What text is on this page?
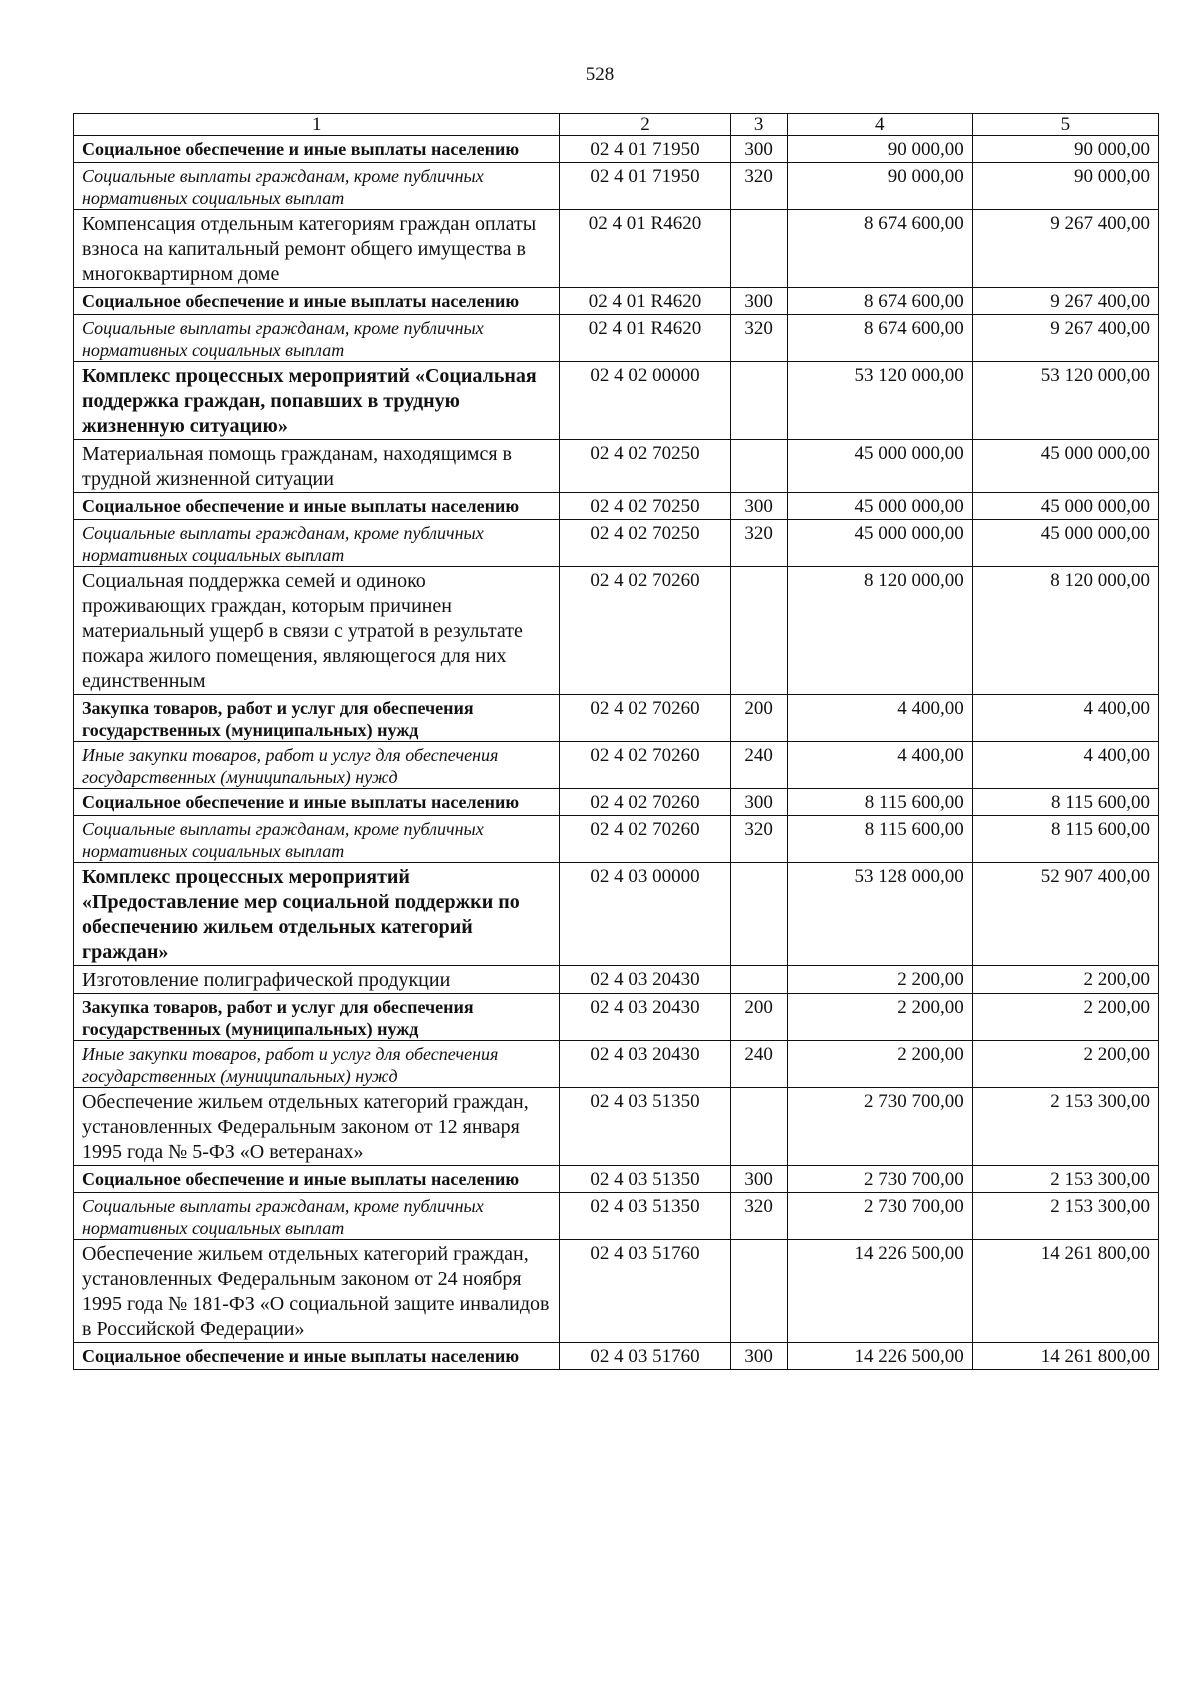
528
1	2	3	4	5
Социальное обеспечение и иные выплаты населению	02 4 01 71950	300	90 000,00	90 000,00
Социальные выплаты гражданам, кроме публичных нормативных социальных выплат	02 4 01 71950	320	90 000,00	90 000,00
Компенсация отдельным категориям граждан оплаты взноса на капитальный ремонт общего имущества в многоквартирном доме	02 4 01 R4620		8 674 600,00	9 267 400,00
Социальное обеспечение и иные выплаты населению	02 4 01 R4620	300	8 674 600,00	9 267 400,00
Социальные выплаты гражданам, кроме публичных нормативных социальных выплат	02 4 01 R4620	320	8 674 600,00	9 267 400,00
Комплекс процессных мероприятий «Социальная поддержка граждан, попавших в трудную жизненную ситуацию»	02 4 02 00000		53 120 000,00	53 120 000,00
Материальная помощь гражданам, находящимся в трудной жизненной ситуации	02 4 02 70250		45 000 000,00	45 000 000,00
Социальное обеспечение и иные выплаты населению	02 4 02 70250	300	45 000 000,00	45 000 000,00
Социальные выплаты гражданам, кроме публичных нормативных социальных выплат	02 4 02 70250	320	45 000 000,00	45 000 000,00
Социальная поддержка семей и одиноко проживающих граждан, которым причинен материальный ущерб в связи с утратой в результате пожара жилого помещения, являющегося для них единственным	02 4 02 70260		8 120 000,00	8 120 000,00
Закупка товаров, работ и услуг для обеспечения государственных (муниципальных) нужд	02 4 02 70260	200	4 400,00	4 400,00
Иные закупки товаров, работ и услуг для обеспечения государственных (муниципальных) нужд	02 4 02 70260	240	4 400,00	4 400,00
Социальное обеспечение и иные выплаты населению	02 4 02 70260	300	8 115 600,00	8 115 600,00
Социальные выплаты гражданам, кроме публичных нормативных социальных выплат	02 4 02 70260	320	8 115 600,00	8 115 600,00
Комплекс процессных мероприятий «Предоставление мер социальной поддержки по обеспечению жильем отдельных категорий граждан»	02 4 03 00000		53 128 000,00	52 907 400,00
Изготовление полиграфической продукции	02 4 03 20430		2 200,00	2 200,00
Закупка товаров, работ и услуг для обеспечения государственных (муниципальных) нужд	02 4 03 20430	200	2 200,00	2 200,00
Иные закупки товаров, работ и услуг для обеспечения государственных (муниципальных) нужд	02 4 03 20430	240	2 200,00	2 200,00
Обеспечение жильем отдельных категорий граждан, установленных Федеральным законом от 12 января 1995 года № 5-ФЗ «О ветеранах»	02 4 03 51350		2 730 700,00	2 153 300,00
Социальное обеспечение и иные выплаты населению	02 4 03 51350	300	2 730 700,00	2 153 300,00
Социальные выплаты гражданам, кроме публичных нормативных социальных выплат	02 4 03 51350	320	2 730 700,00	2 153 300,00
Обеспечение жильем отдельных категорий граждан, установленных Федеральным законом от 24 ноября 1995 года № 181-ФЗ «О социальной защите инвалидов в Российской Федерации»	02 4 03 51760		14 226 500,00	14 261 800,00
Социальное обеспечение и иные выплаты населению	02 4 03 51760	300	14 226 500,00	14 261 800,00
